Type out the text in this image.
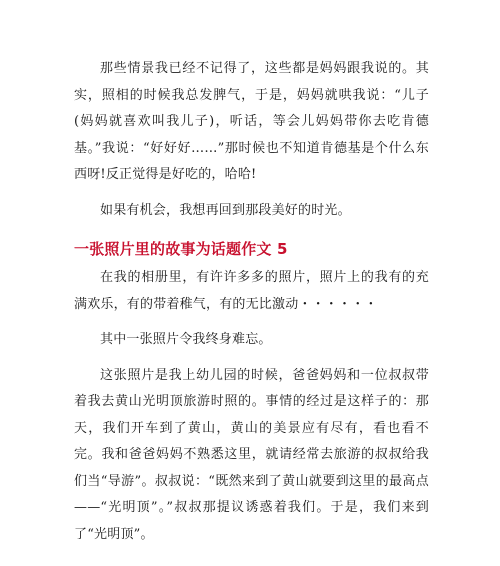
那些情景我已经不记得了，这些都是妈妈跟我说的。其实，照相的时候我总发脾气，于是，妈妈就哄我说：“儿子(妈妈就喜欢叫我儿子)，听话，等会儿妈妈带你去吃肯德基。”我说：“好好好……”那时候也不知道肯德基是个什么东西呀!反正觉得是好吃的，哈哈!

如果有机会，我想再回到那段美好的时光。

一张照片里的故事为话题作文 5

在我的相册里，有许许多多的照片，照片上的我有的充满欢乐，有的带着稚气，有的无比激动・・・・・・

其中一张照片令我终身难忘。

这张照片是我上幼儿园的时候，爸爸妈妈和一位叔叔带着我去黄山光明顶旅游时照的。事情的经过是这样子的：那天，我们开车到了黄山，黄山的美景应有尽有，看也看不完。我和爸爸妈妈不熟悉这里，就请经常去旅游的叔叔给我们当“导游”。叔叔说：“既然来到了黄山就要到这里的最高点——“光明顶”。”叔叔那提议诱惑着我们。于是，我们来到了“光明顶”。
